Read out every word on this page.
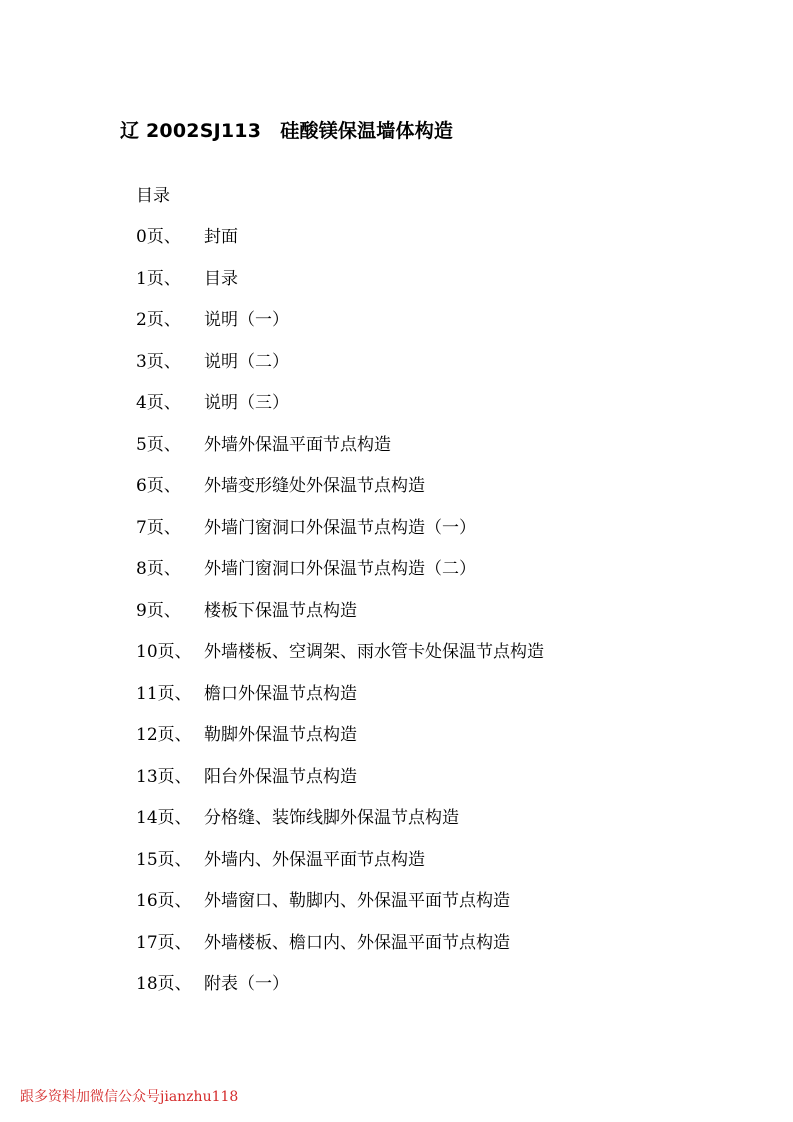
辽 2002SJ113　硅酸镁保温墙体构造
目录
0页、	封面
1页、	目录
2页、	说明（一）
3页、	说明（二）
4页、	说明（三）
5页、	外墙外保温平面节点构造
6页、	外墙变形缝处外保温节点构造
7页、	外墙门窗洞口外保温节点构造（一）
8页、	外墙门窗洞口外保温节点构造（二）
9页、	楼板下保温节点构造
10页、 外墙楼板、空调架、雨水管卡处保温节点构造
11页、 檐口外保温节点构造
12页、 勒脚外保温节点构造
13页、 阳台外保温节点构造
14页、 分格缝、装饰线脚外保温节点构造
15页、 外墙内、外保温平面节点构造
16页、 外墙窗口、勒脚内、外保温平面节点构造
17页、 外墙楼板、檐口内、外保温平面节点构造
18页、 附表（一）
跟多资料加微信公众号jianzhu118
